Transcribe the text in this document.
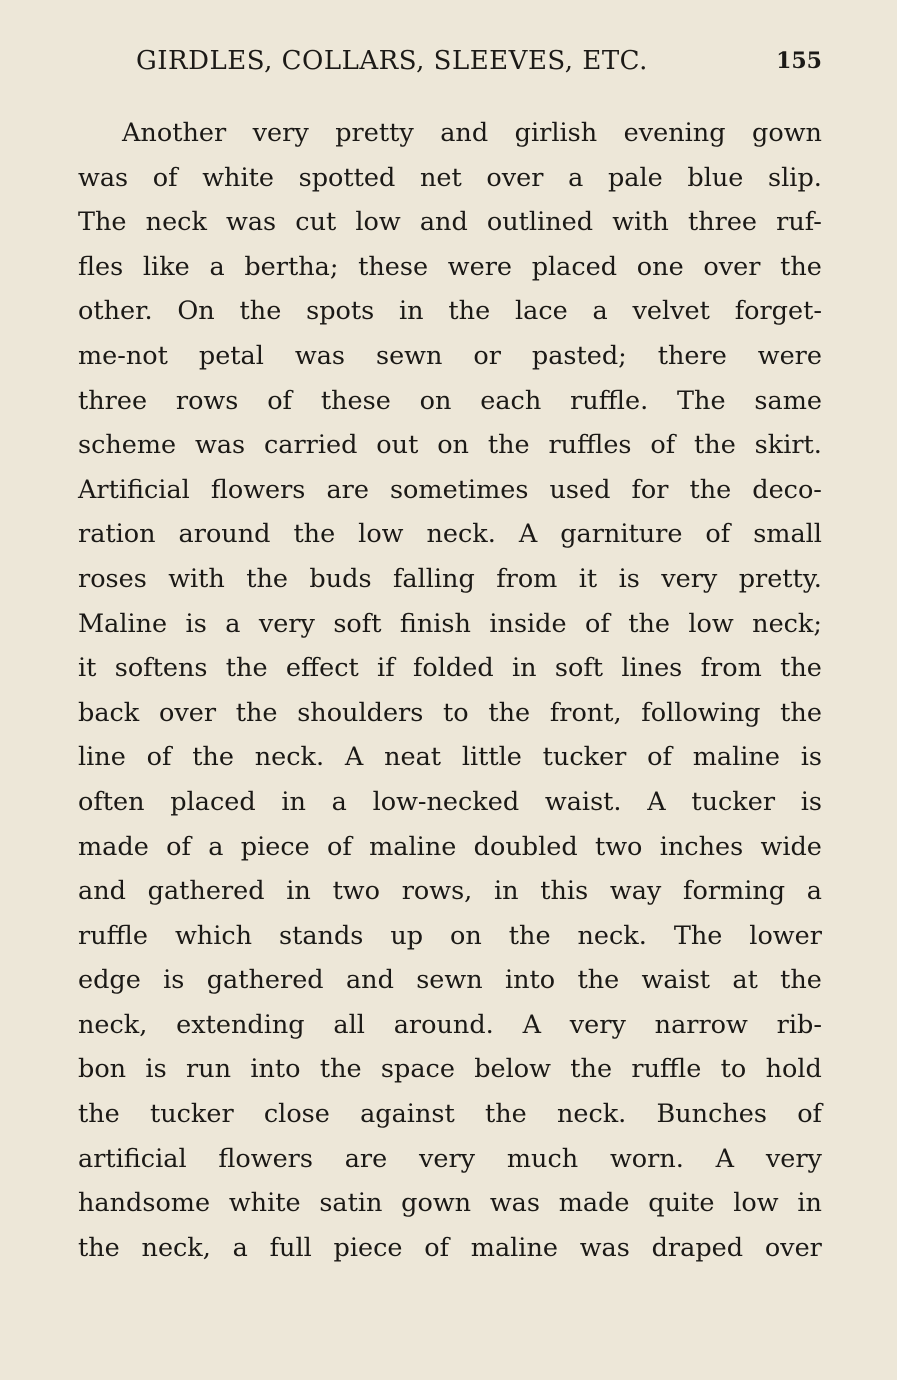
GIRDLES, COLLARS, SLEEVES, ETC.	155
Another very pretty and girlish evening gown
was of white spotted net over a pale blue slip.
The neck was cut low and outlined with three ruf-
fles like a bertha; these were placed one over the
other. On the spots in the lace a velvet forget-
me-not petal was sewn or pasted; there were
three rows of these on each ruffle. The same
scheme was carried out on the ruffles of the skirt.
Artificial flowers are sometimes used for the deco-
ration around the low neck. A garniture of small
roses with the buds falling from it is very pretty.
Maline is a very soft finish inside of the low neck;
it softens the effect if folded in soft lines from the
back over the shoulders to the front, following the
line of the neck. A neat little tucker of maline is
often placed in a low-necked waist. A tucker is
made of a piece of maline doubled two inches wide
and gathered in two rows, in this way forming a
ruffle which stands up on the neck. The lower
edge is gathered and sewn into the waist at the
neck, extending all around. A very narrow rib-
bon is run into the space below the ruffle to hold
the tucker close against the neck. Bunches of
artificial flowers are very much worn. A very
handsome white satin gown was made quite low in
the neck, a full piece of maline was draped over
